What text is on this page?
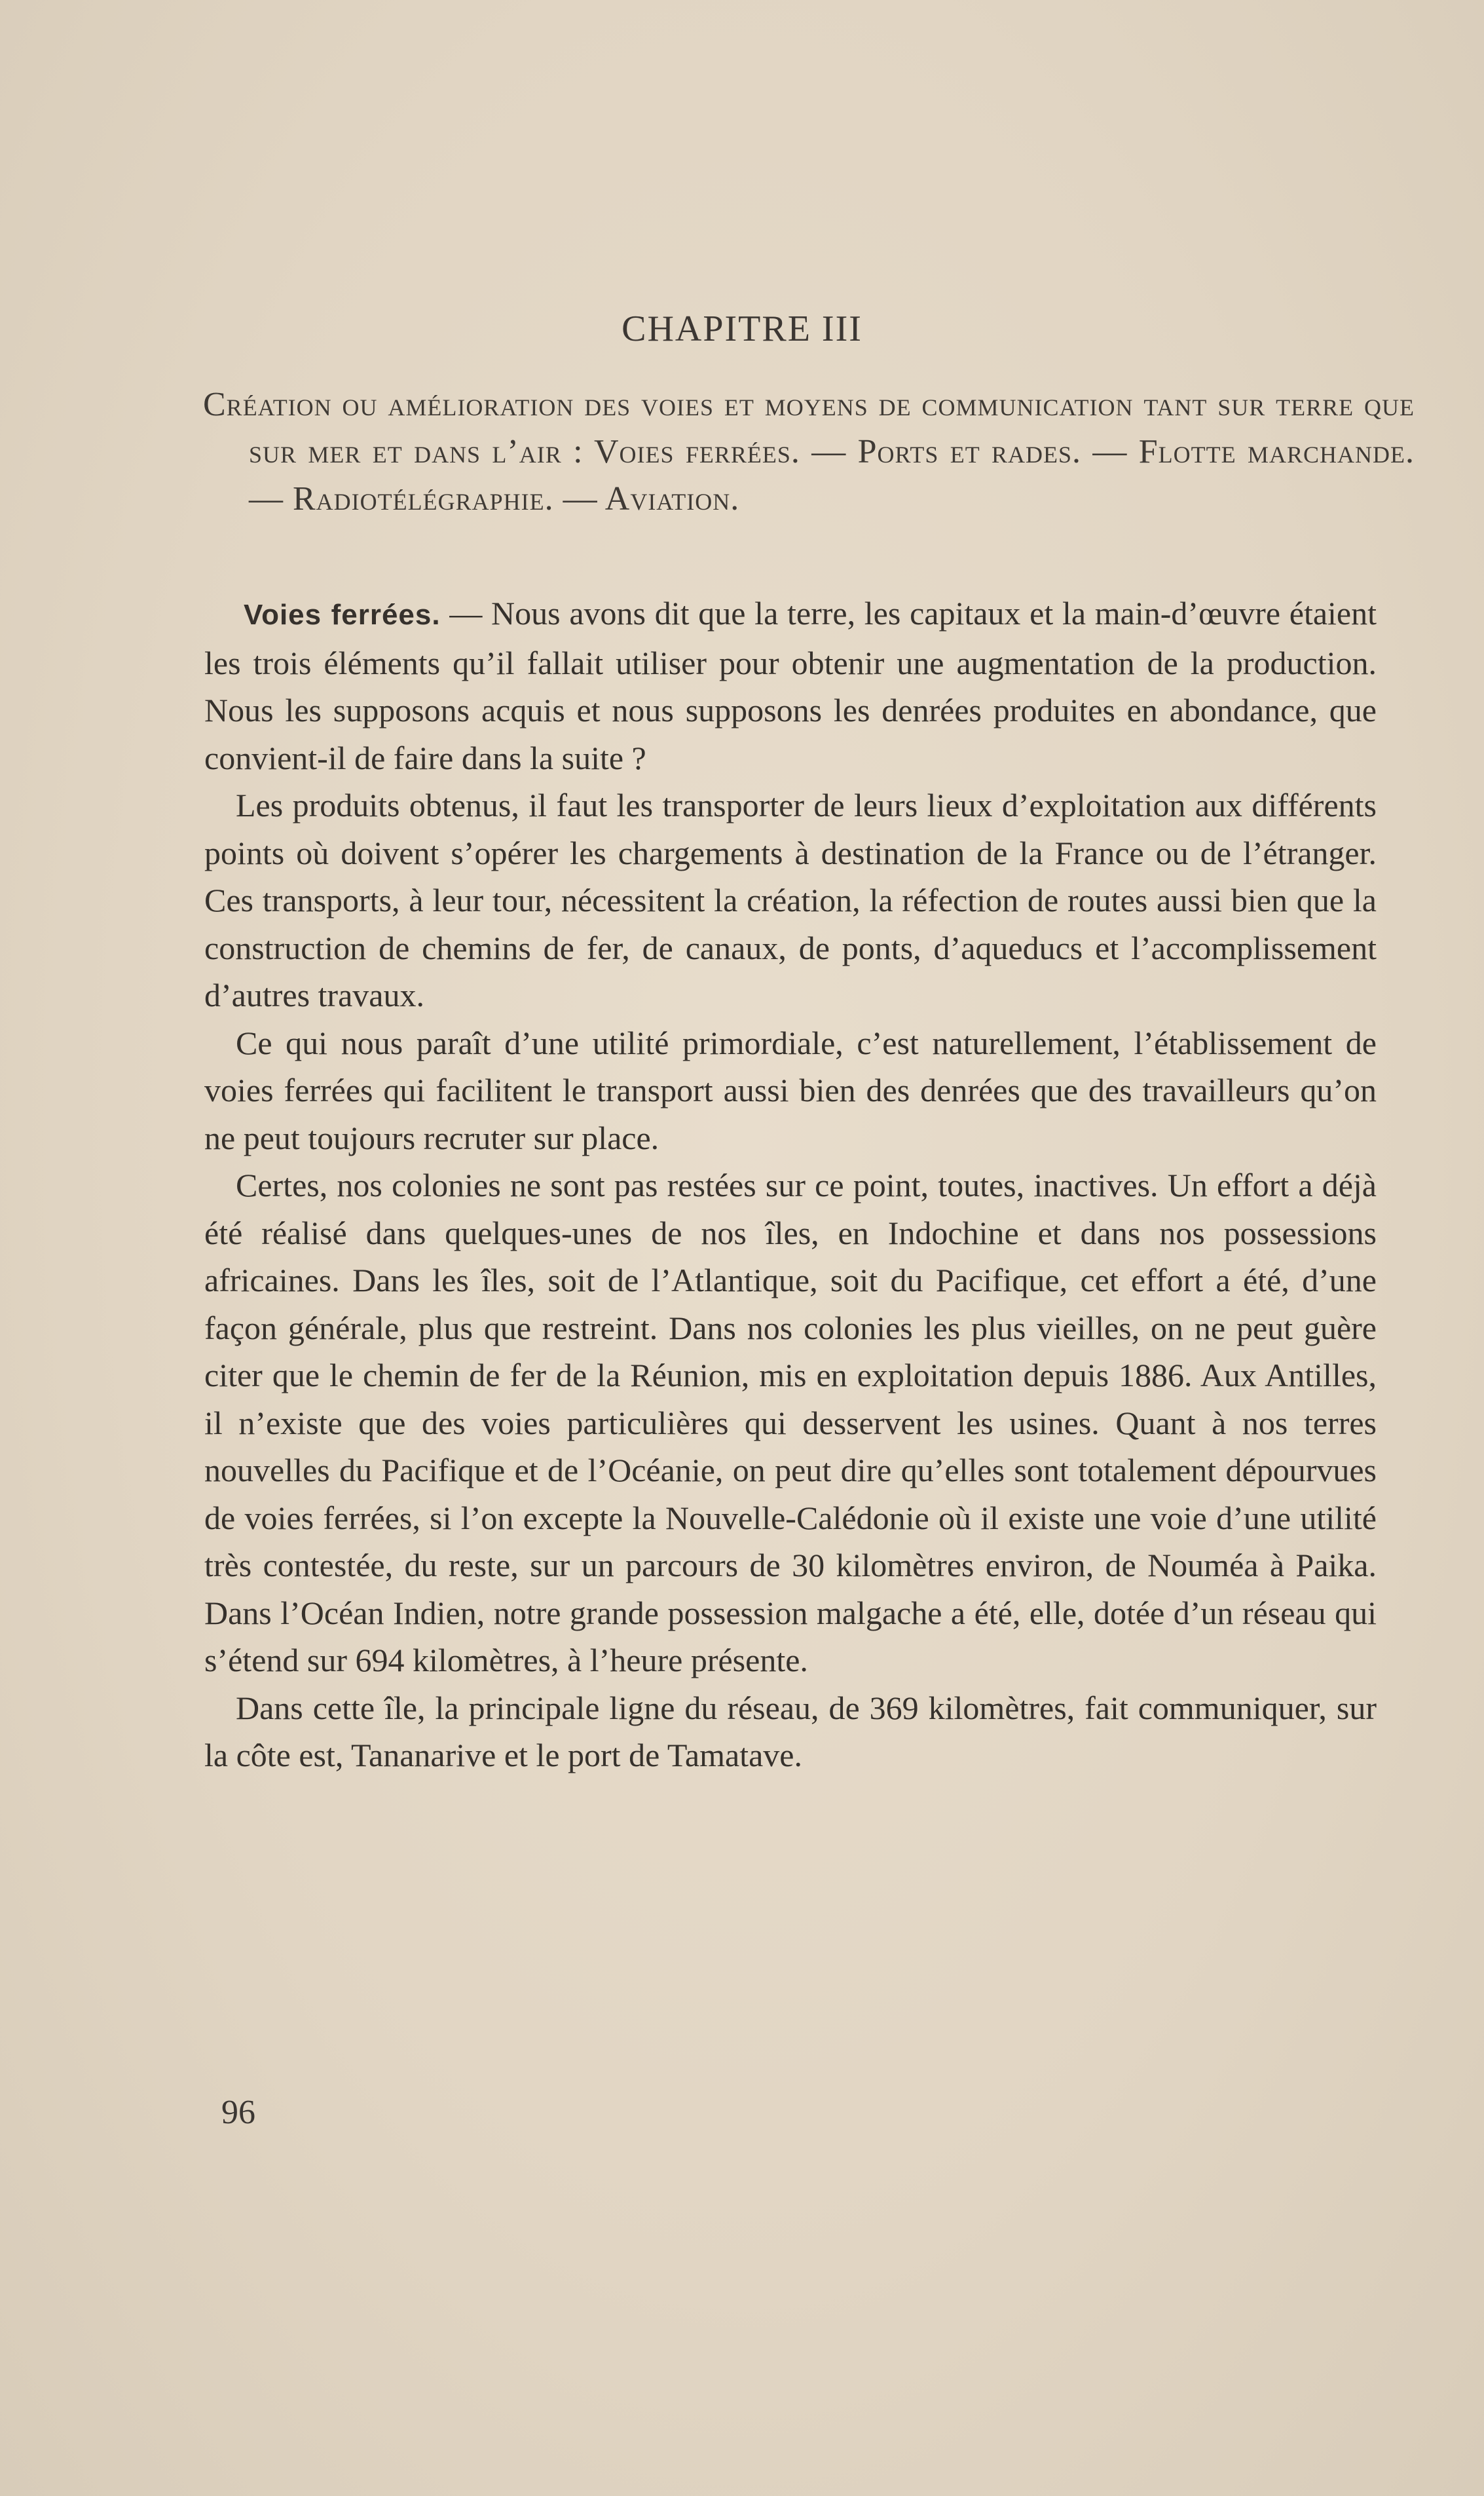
CHAPITRE III
Création ou amélioration des voies et moyens de communication tant sur terre que sur mer et dans l’air : Voies ferrées. — Ports et rades. — Flotte marchande. — Radiotélégraphie. — Aviation.

Voies ferrées. — Nous avons dit que la terre, les capitaux et la main-d’œuvre étaient les trois éléments qu’il fallait utiliser pour obtenir une augmentation de la production. Nous les supposons acquis et nous supposons les denrées produites en abondance, que convient-il de faire dans la suite ?

Les produits obtenus, il faut les transporter de leurs lieux d’exploitation aux différents points où doivent s’opérer les chargements à destination de la France ou de l’étranger. Ces transports, à leur tour, nécessitent la création, la réfection de routes aussi bien que la construction de chemins de fer, de canaux, de ponts, d’aqueducs et l’accomplissement d’autres travaux.

Ce qui nous paraît d’une utilité primordiale, c’est naturellement, l’établissement de voies ferrées qui facilitent le transport aussi bien des denrées que des travailleurs qu’on ne peut toujours recruter sur place.

Certes, nos colonies ne sont pas restées sur ce point, toutes, inactives. Un effort a déjà été réalisé dans quelques-unes de nos îles, en Indochine et dans nos possessions africaines. Dans les îles, soit de l’Atlantique, soit du Pacifique, cet effort a été, d’une façon générale, plus que restreint. Dans nos colonies les plus vieilles, on ne peut guère citer que le chemin de fer de la Réunion, mis en exploitation depuis 1886. Aux Antilles, il n’existe que des voies particulières qui desservent les usines. Quant à nos terres nouvelles du Pacifique et de l’Océanie, on peut dire qu’elles sont totalement dépourvues de voies ferrées, si l’on excepte la Nouvelle-Calédonie où il existe une voie d’une utilité très contestée, du reste, sur un parcours de 30 kilomètres environ, de Nouméa à Paika. Dans l’Océan Indien, notre grande possession malgache a été, elle, dotée d’un réseau qui s’étend sur 694 kilomètres, à l’heure présente.

Dans cette île, la principale ligne du réseau, de 369 kilomètres, fait communiquer, sur la côte est, Tananarive et le port de Tamatave.

96
